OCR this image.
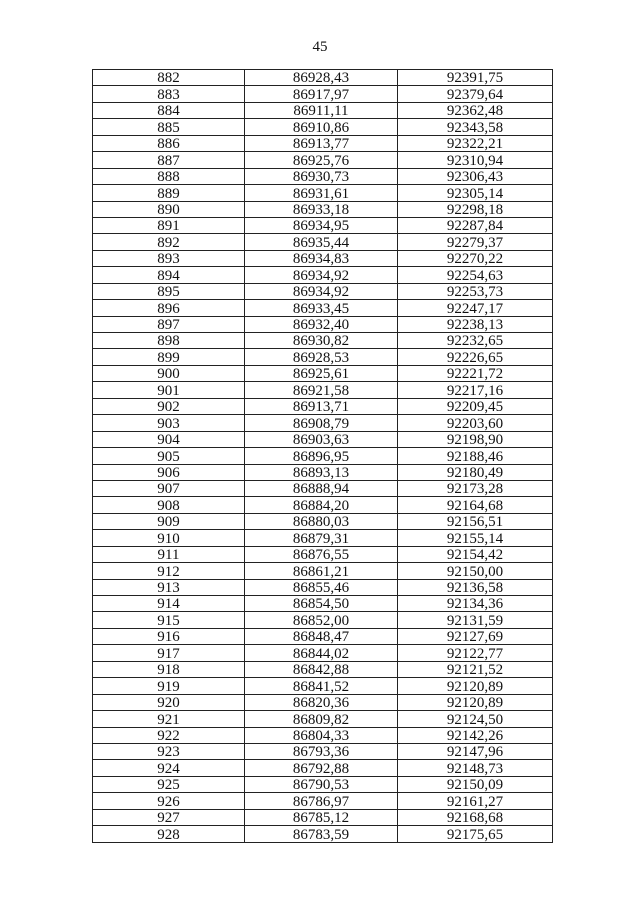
45
882	86928,43	92391,75
883	86917,97	92379,64
884	86911,11	92362,48
885	86910,86	92343,58
886	86913,77	92322,21
887	86925,76	92310,94
888	86930,73	92306,43
889	86931,61	92305,14
890	86933,18	92298,18
891	86934,95	92287,84
892	86935,44	92279,37
893	86934,83	92270,22
894	86934,92	92254,63
895	86934,92	92253,73
896	86933,45	92247,17
897	86932,40	92238,13
898	86930,82	92232,65
899	86928,53	92226,65
900	86925,61	92221,72
901	86921,58	92217,16
902	86913,71	92209,45
903	86908,79	92203,60
904	86903,63	92198,90
905	86896,95	92188,46
906	86893,13	92180,49
907	86888,94	92173,28
908	86884,20	92164,68
909	86880,03	92156,51
910	86879,31	92155,14
911	86876,55	92154,42
912	86861,21	92150,00
913	86855,46	92136,58
914	86854,50	92134,36
915	86852,00	92131,59
916	86848,47	92127,69
917	86844,02	92122,77
918	86842,88	92121,52
919	86841,52	92120,89
920	86820,36	92120,89
921	86809,82	92124,50
922	86804,33	92142,26
923	86793,36	92147,96
924	86792,88	92148,73
925	86790,53	92150,09
926	86786,97	92161,27
927	86785,12	92168,68
928	86783,59	92175,65
